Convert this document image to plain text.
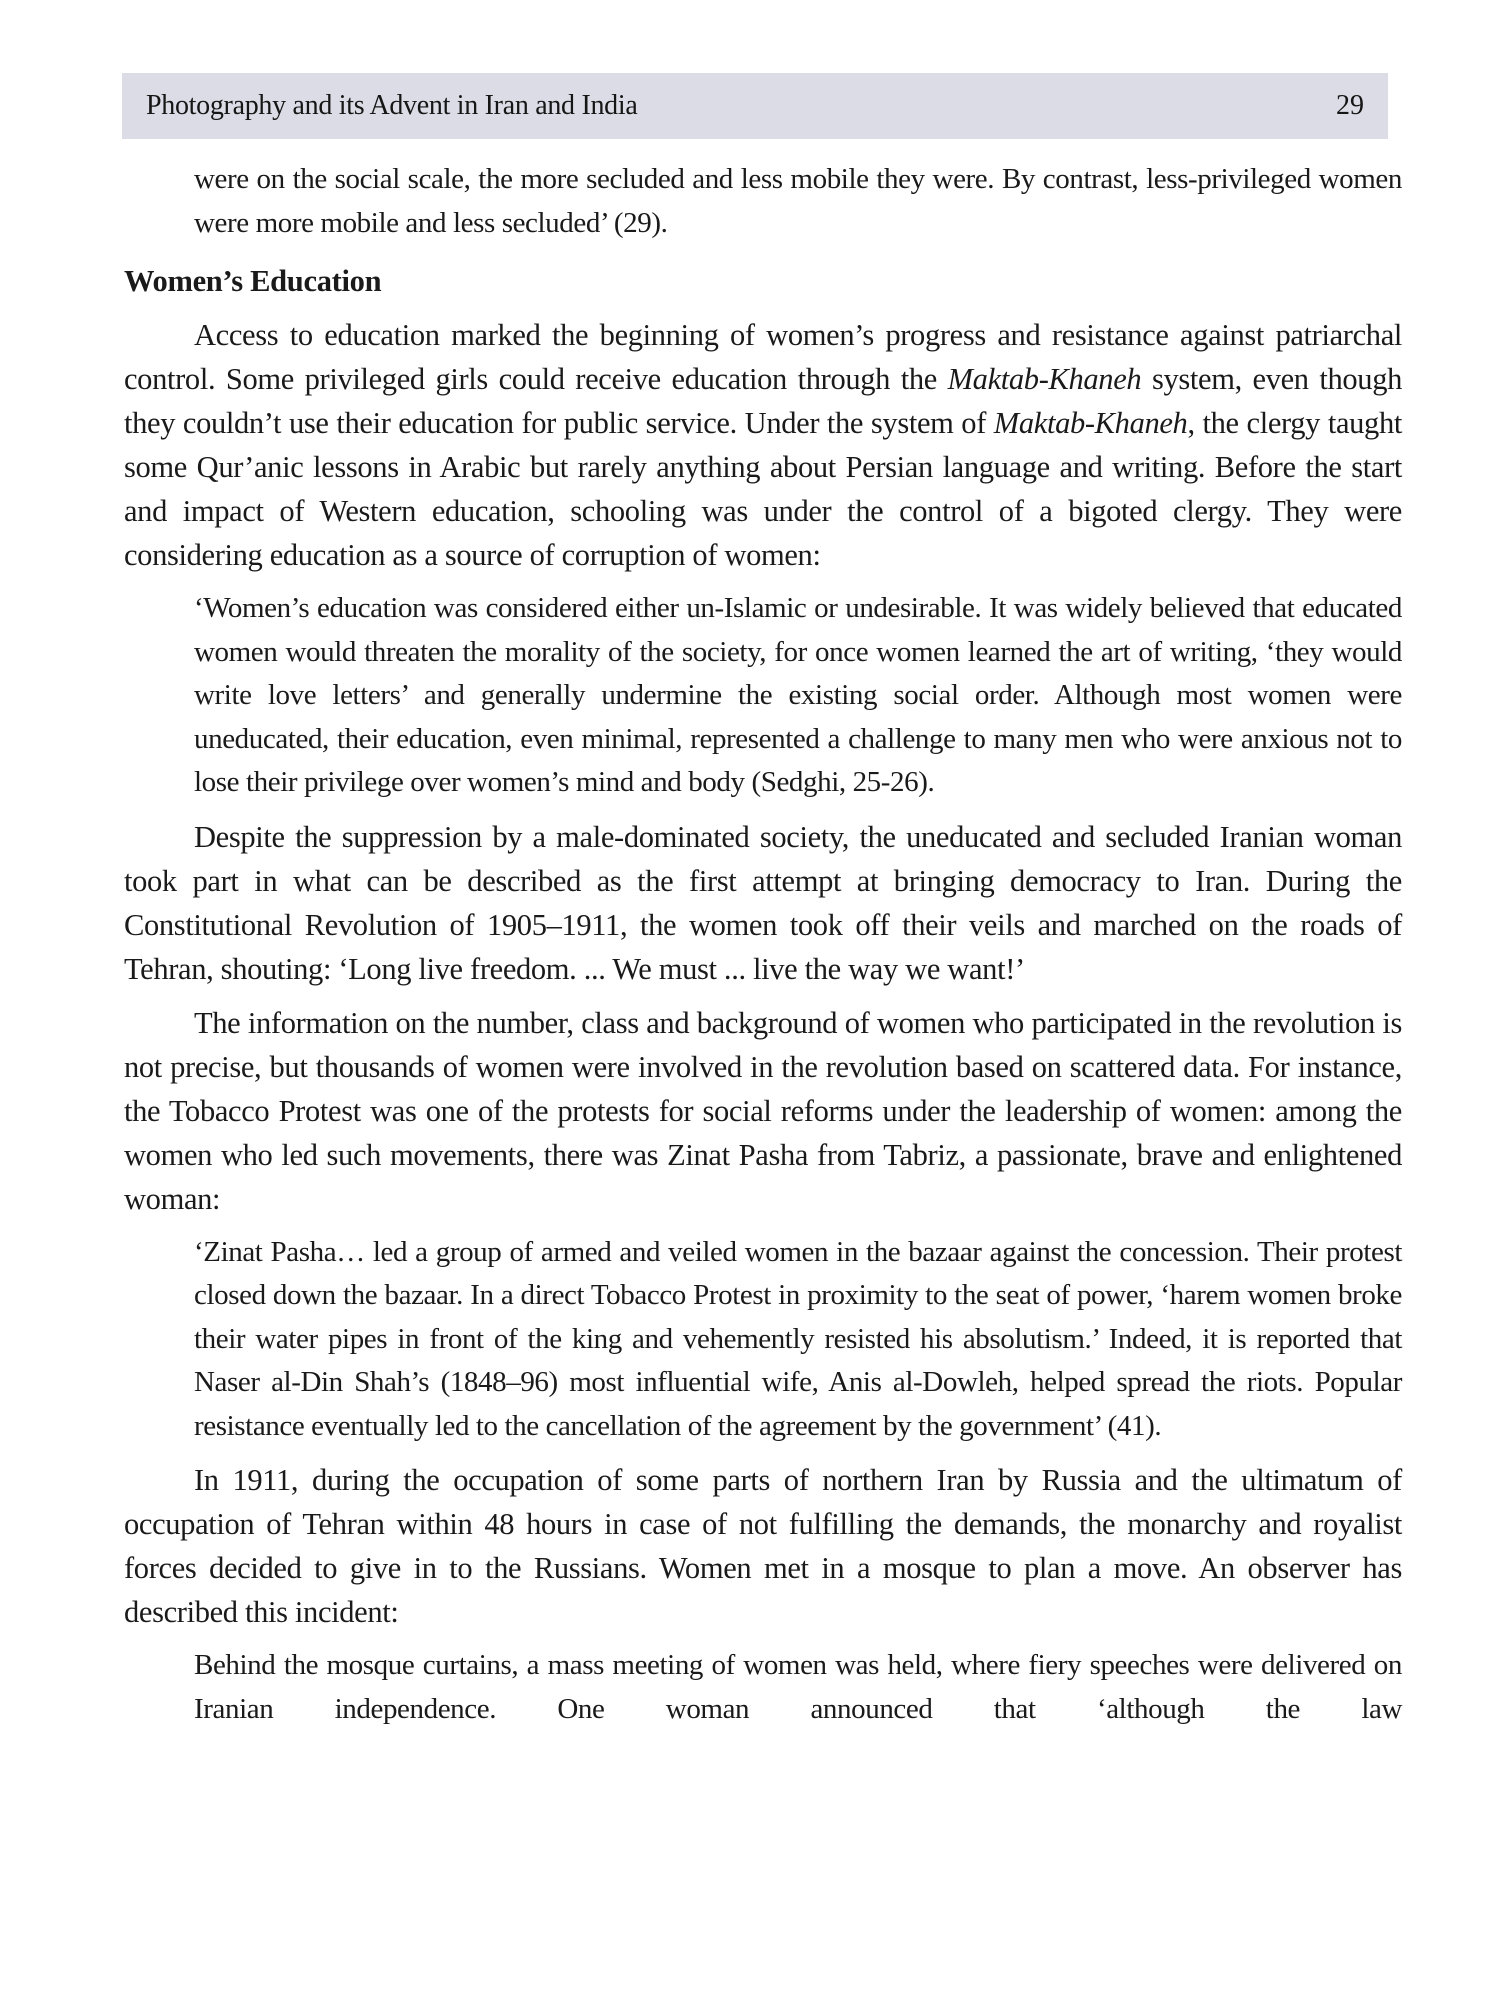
Photography and its Advent in Iran and India	29

were on the social scale, the more secluded and less mobile they were. By contrast, less-privileged women were more mobile and less secluded’ (29).

Women’s Education

Access to education marked the beginning of women’s progress and resistance against patriarchal control. Some privileged girls could receive education through the Maktab-Khaneh system, even though they couldn’t use their education for public service. Under the system of Maktab-Khaneh, the clergy taught some Qur’anic lessons in Arabic but rarely anything about Persian language and writing. Before the start and impact of Western education, schooling was under the control of a bigoted clergy. They were considering education as a source of corruption of women:

‘Women’s education was considered either un-Islamic or undesirable. It was widely believed that educated women would threaten the morality of the society, for once women learned the art of writing, ‘they would write love letters’ and generally undermine the existing social order. Although most women were uneducated, their education, even minimal, represented a challenge to many men who were anxious not to lose their privilege over women’s mind and body (Sedghi, 25-26).

Despite the suppression by a male-dominated society, the uneducated and secluded Iranian woman took part in what can be described as the first attempt at bringing democracy to Iran. During the Constitutional Revolution of 1905–1911, the women took off their veils and marched on the roads of Tehran, shouting: ‘Long live freedom. ... We must ... live the way we want!’

The information on the number, class and background of women who participated in the revolution is not precise, but thousands of women were involved in the revolution based on scattered data. For instance, the Tobacco Protest was one of the protests for social reforms under the leadership of women: among the women who led such movements, there was Zinat Pasha from Tabriz, a passionate, brave and enlightened woman:

‘Zinat Pasha… led a group of armed and veiled women in the bazaar against the concession. Their protest closed down the bazaar. In a direct Tobacco Protest in proximity to the seat of power, ‘harem women broke their water pipes in front of the king and vehemently resisted his absolutism.’ Indeed, it is reported that Naser al-Din Shah’s (1848–96) most influential wife, Anis al-Dowleh, helped spread the riots. Popular resistance eventually led to the cancellation of the agreement by the government’ (41).

In 1911, during the occupation of some parts of northern Iran by Russia and the ultimatum of occupation of Tehran within 48 hours in case of not fulfilling the demands, the monarchy and royalist forces decided to give in to the Russians. Women met in a mosque to plan a move. An observer has described this incident:

Behind the mosque curtains, a mass meeting of women was held, where fiery speeches were delivered on Iranian independence. One woman announced that ‘although the law
